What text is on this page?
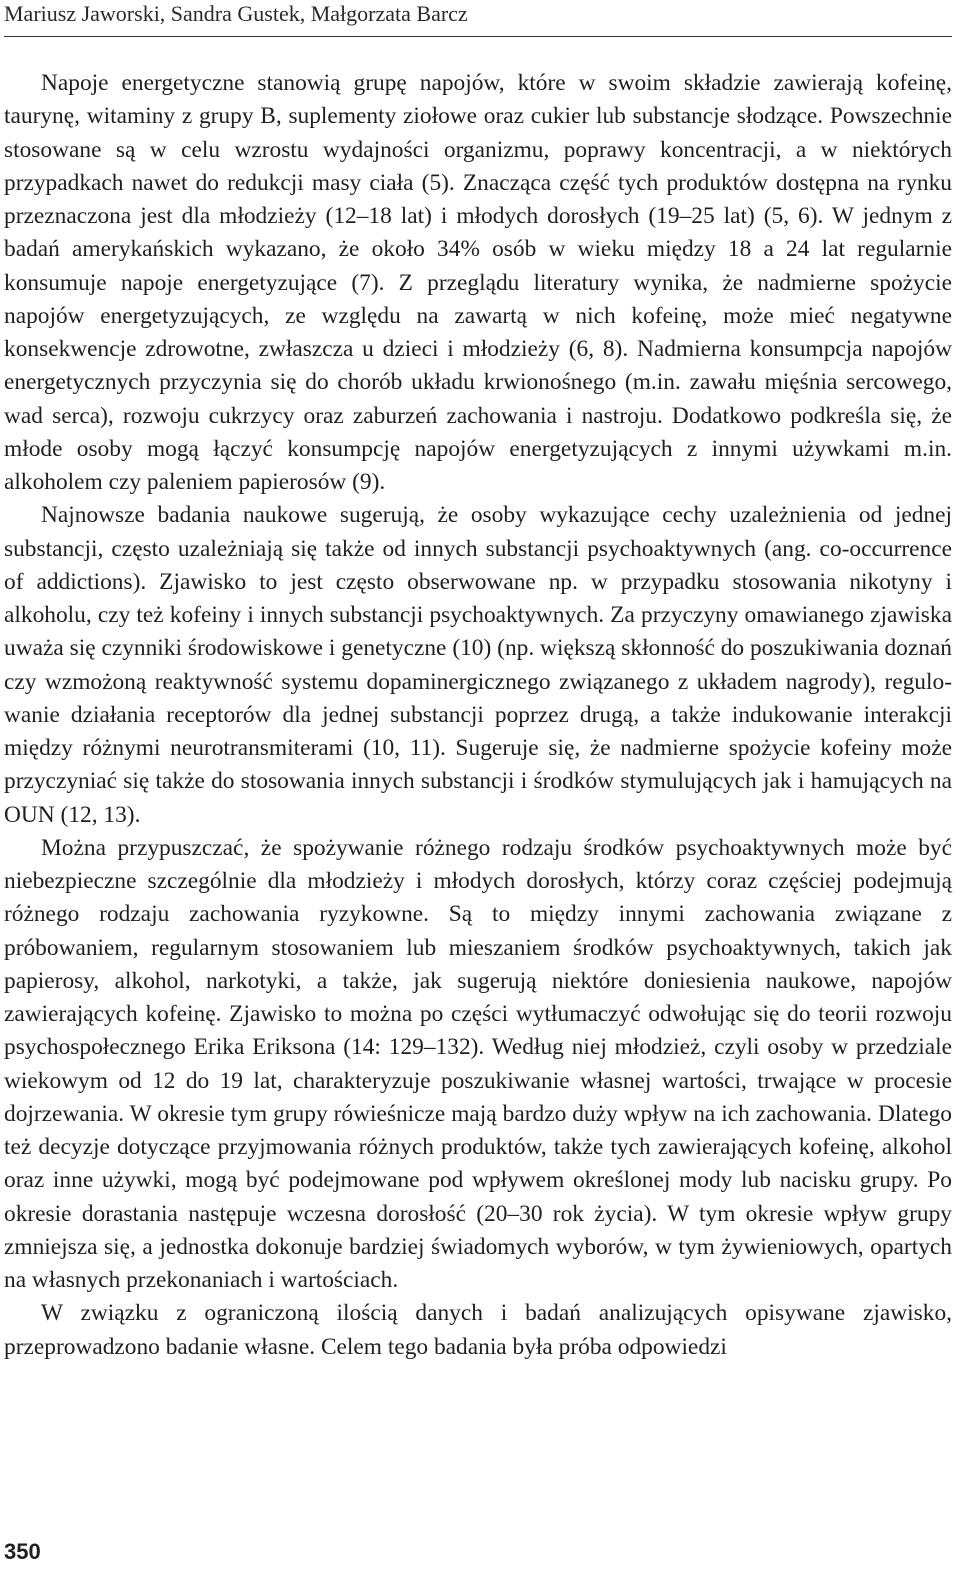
Mariusz Jaworski, Sandra Gustek, Małgorzata Barcz

Napoje energetyczne stanowią grupę napojów, które w swoim składzie zawierają kofeinę, taurynę, witaminy z grupy B, suplementy ziołowe oraz cukier lub substancje słodzące. Powszechnie stosowane są w celu wzrostu wydajności organizmu, poprawy koncentracji, a w niektórych przypadkach nawet do redukcji masy ciała (5). Znacząca część tych produktów dostępna na rynku przeznaczona jest dla młodzieży (12–18 lat) i młodych dorosłych (19–25 lat) (5, 6). W jednym z badań amerykańskich wykazano, że około 34% osób w wieku między 18 a 24 lat regularnie konsumuje napoje energetyzujące (7). Z przeglądu literatury wynika, że nadmierne spożycie napojów energetyzujących, ze względu na zawartą w nich kofeinę, może mieć negatywne konsekwencje zdrowotne, zwłaszcza u dzieci i młodzieży (6, 8). Nadmierna konsumpcja napojów energetycznych przyczynia się do chorób układu krwionośnego (m.in. zawału mięśnia sercowego, wad serca), rozwoju cukrzycy oraz zaburzeń zachowania i nastroju. Dodatkowo podkreśla się, że młode osoby mogą łączyć konsumpcję napojów energetyzujących z innymi używkami m.in. alkoholem czy paleniem papierosów (9).

Najnowsze badania naukowe sugerują, że osoby wykazujące cechy uzależnienia od jednej substancji, często uzależniają się także od innych substancji psychoaktywnych (ang. co-occurrence of addictions). Zjawisko to jest często obserwowane np. w przypadku stosowania nikotyny i alkoholu, czy też kofeiny i innych substancji psychoaktywnych. Za przyczyny omawianego zjawiska uważa się czynniki środowiskowe i genetyczne (10) (np. większą skłonność do poszukiwania doznań czy wzmożoną reaktywność systemu dopaminergicznego związanego z układem nagrody), regulowanie działania receptorów dla jednej substancji poprzez drugą, a także indukowanie interakcji między różnymi neurotransmiterami (10, 11). Sugeruje się, że nadmierne spożycie kofeiny może przyczyniać się także do stosowania innych substancji i środków stymulujących jak i hamujących na OUN (12, 13).

Można przypuszczać, że spożywanie różnego rodzaju środków psychoaktywnych może być niebezpieczne szczególnie dla młodzieży i młodych dorosłych, którzy coraz częściej podejmują różnego rodzaju zachowania ryzykowne. Są to między innymi zachowania związane z próbowaniem, regularnym stosowaniem lub mieszaniem środków psychoaktywnych, takich jak papierosy, alkohol, narkotyki, a także, jak sugerują niektóre doniesienia naukowe, napojów zawierających kofeinę. Zjawisko to można po części wytłumaczyć odwołując się do teorii rozwoju psychospołecznego Erika Eriksona (14: 129–132). Według niej młodzież, czyli osoby w przedziale wiekowym od 12 do 19 lat, charakteryzuje poszukiwanie własnej wartości, trwające w procesie dojrzewania. W okresie tym grupy rówieśnicze mają bardzo duży wpływ na ich zachowania. Dlatego też decyzje dotyczące przyjmowania różnych produktów, także tych zawierających kofeinę, alkohol oraz inne używki, mogą być podejmowane pod wpływem określonej mody lub nacisku grupy. Po okresie dorastania następuje wczesna dorosłość (20–30 rok życia). W tym okresie wpływ grupy zmniejsza się, a jednostka dokonuje bardziej świadomych wyborów, w tym żywieniowych, opartych na własnych przekonaniach i wartościach.

W związku z ograniczoną ilością danych i badań analizujących opisywane zjawisko, przeprowadzono badanie własne. Celem tego badania była próba odpowiedzi

350
